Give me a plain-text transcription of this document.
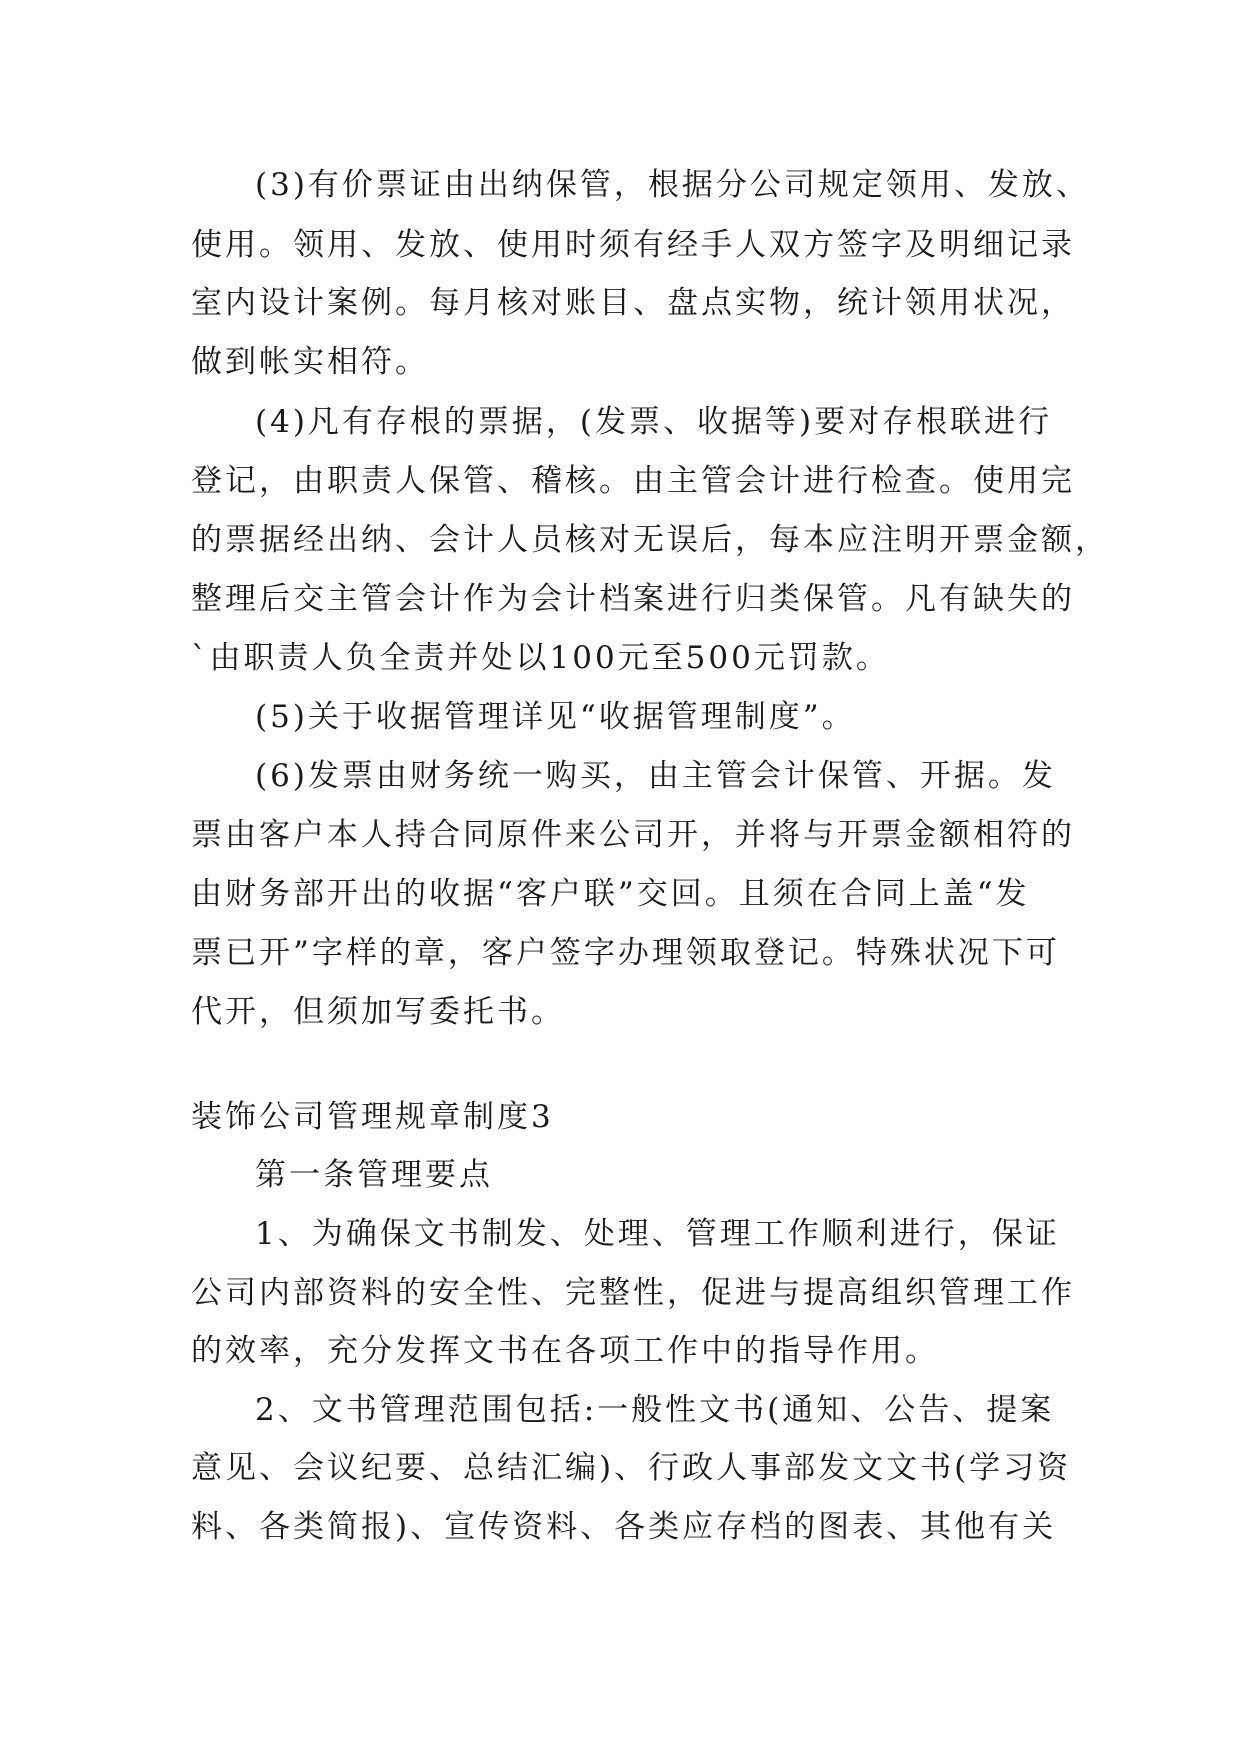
(3)有价票证由出纳保管，根据分公司规定领用、发放、
使用。领用、发放、使用时须有经手人双方签字及明细记录
室内设计案例。每月核对账目、盘点实物，统计领用状况，
做到帐实相符。
(4)凡有存根的票据，(发票、收据等)要对存根联进行
登记，由职责人保管、稽核。由主管会计进行检查。使用完
的票据经出纳、会计人员核对无误后，每本应注明开票金额，
整理后交主管会计作为会计档案进行归类保管。凡有缺失的
`由职责人负全责并处以100元至500元罚款。
(5)关于收据管理详见“收据管理制度”。
(6)发票由财务统一购买，由主管会计保管、开据。发
票由客户本人持合同原件来公司开，并将与开票金额相符的
由财务部开出的收据“客户联”交回。且须在合同上盖“发
票已开”字样的章，客户签字办理领取登记。特殊状况下可
代开，但须加写委托书。
装饰公司管理规章制度3
第一条管理要点
1、为确保文书制发、处理、管理工作顺利进行，保证
公司内部资料的安全性、完整性，促进与提高组织管理工作
的效率，充分发挥文书在各项工作中的指导作用。
2、文书管理范围包括:一般性文书(通知、公告、提案
意见、会议纪要、总结汇编)、行政人事部发文文书(学习资
料、各类简报)、宣传资料、各类应存档的图表、其他有关
